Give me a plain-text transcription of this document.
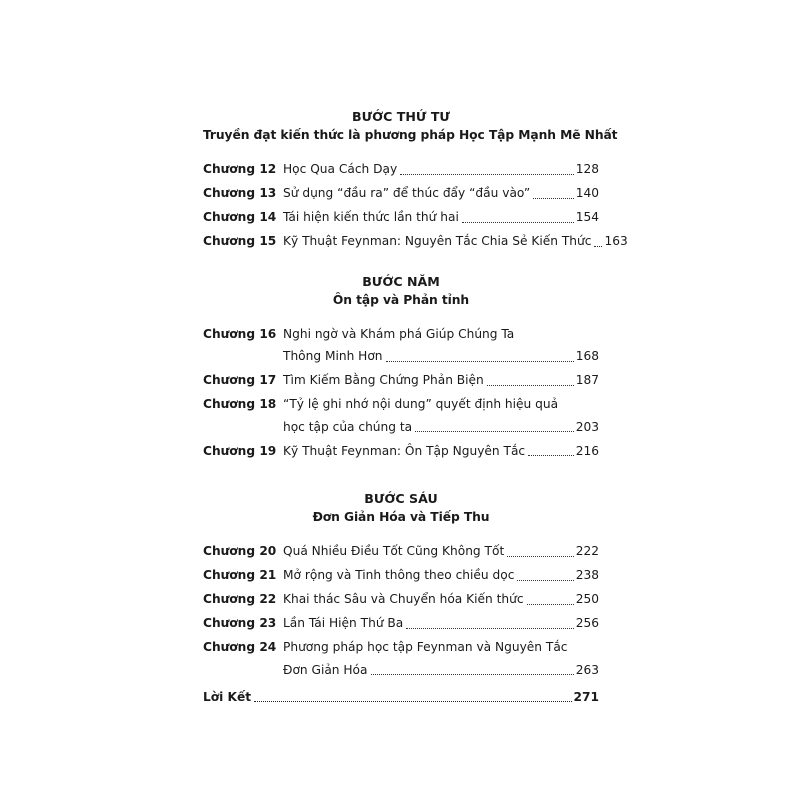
BƯỚC THỨ TƯ
Truyền đạt kiến thức là phương pháp Học Tập Mạnh Mẽ Nhất
Chương 12 Học Qua Cách Dạy	128
Chương 13 Sử dụng “đầu ra” để thúc đẩy “đầu vào”	140
Chương 14 Tái hiện kiến thức lần thứ hai	154
Chương 15 Kỹ Thuật Feynman: Nguyên Tắc Chia Sẻ Kiến Thức 163
BƯỚC NĂM
Ôn tập và Phản tỉnh
Chương 16 Nghi ngờ và Khám phá Giúp Chúng Ta
Thông Minh Hơn	168
Chương 17 Tìm Kiếm Bằng Chứng Phản Biện	187
Chương 18 “Tỷ lệ ghi nhớ nội dung” quyết định hiệu quả
học tập của chúng ta	203
Chương 19 Kỹ Thuật Feynman: Ôn Tập Nguyên Tắc	216
BƯỚC SÁU
Đơn Giản Hóa và Tiếp Thu
Chương 20 Quá Nhiều Điều Tốt Cũng Không Tốt	222
Chương 21 Mở rộng và Tinh thông theo chiều dọc	238
Chương 22 Khai thác Sâu và Chuyển hóa Kiến thức	250
Chương 23 Lần Tái Hiện Thứ Ba	256
Chương 24 Phương pháp học tập Feynman và Nguyên Tắc
Đơn Giản Hóa	263
Lời Kết	271
